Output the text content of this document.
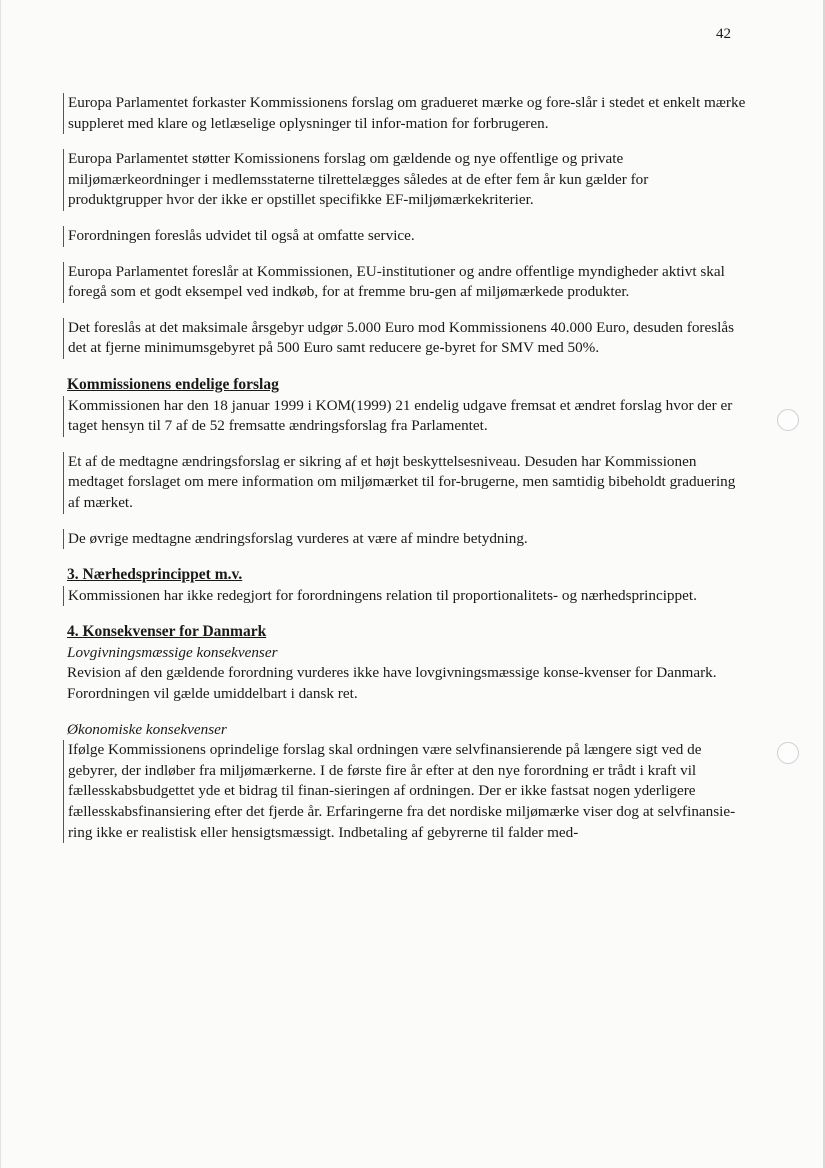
42

Europa Parlamentet forkaster Kommissionens forslag om gradueret mærke og fore-slår i stedet et enkelt mærke suppleret med klare og letlæselige oplysninger til infor-mation for forbrugeren.

Europa Parlamentet støtter Komissionens forslag om gældende og nye offentlige og private miljømærkeordninger i medlemsstaterne tilrettelægges således at de efter fem år kun gælder for produktgrupper hvor der ikke er opstillet specifikke EF-miljømærkekriterier.

Forordningen foreslås udvidet til også at omfatte service.

Europa Parlamentet foreslår at Kommissionen, EU-institutioner og andre offentlige myndigheder aktivt skal foregå som et godt eksempel ved indkøb, for at fremme bru-gen af miljømærkede produkter.

Det foreslås at det maksimale årsgebyr udgør 5.000 Euro mod Kommissionens 40.000 Euro, desuden foreslås det at fjerne minimumsgebyret på 500 Euro samt reducere ge-byret for SMV med 50%.

Kommissionens endelige forslag

Kommissionen har den 18 januar 1999 i KOM(1999) 21 endelig udgave fremsat et ændret forslag hvor der er taget hensyn til 7 af de 52 fremsatte ændringsforslag fra Parlamentet.

Et af de medtagne ændringsforslag er sikring af et højt beskyttelsesniveau. Desuden har Kommissionen medtaget forslaget om mere information om miljømærket til for-brugerne, men samtidig bibeholdt graduering af mærket.

De øvrige medtagne ændringsforslag vurderes at være af mindre betydning.

3. Nærhedsprincippet m.v.

Kommissionen har ikke redegjort for forordningens relation til proportionalitets- og nærhedsprincippet.

4. Konsekvenser for Danmark
Lovgivningsmæssige konsekvenser

Revision af den gældende forordning vurderes ikke have lovgivningsmæssige konse-kvenser for Danmark. Forordningen vil gælde umiddelbart i dansk ret.

Økonomiske konsekvenser

Ifølge Kommissionens oprindelige forslag skal ordningen være selvfinansierende på længere sigt ved de gebyrer, der indløber fra miljømærkerne. I de første fire år efter at den nye forordning er trådt i kraft vil fællesskabsbudgettet yde et bidrag til finan-sieringen af ordningen. Der er ikke fastsat nogen yderligere fællesskabsfinansiering efter det fjerde år. Erfaringerne fra det nordiske miljømærke viser dog at selvfinansie-ring ikke er realistisk eller hensigtsmæssigt. Indbetaling af gebyrerne til falder med-
